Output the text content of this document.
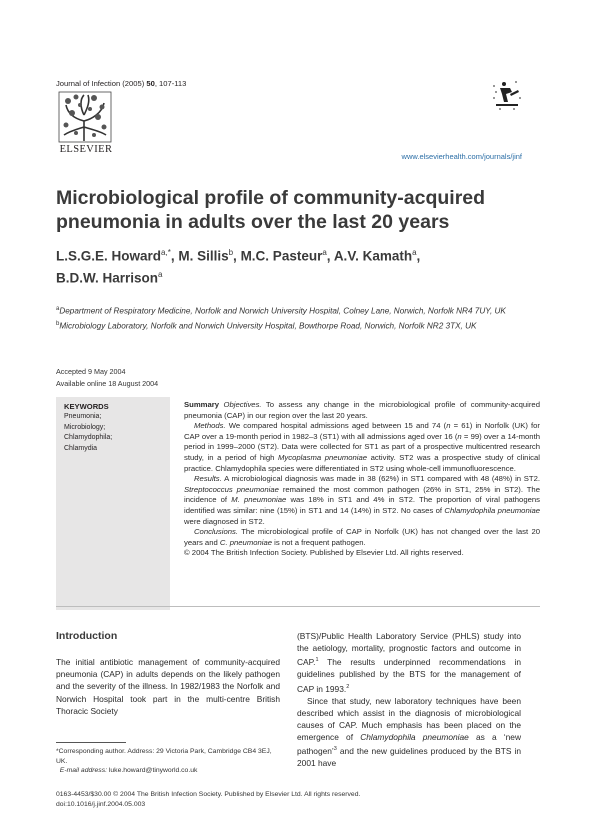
Journal of Infection (2005) 50, 107-113
ELSEVIER
www.elsevierhealth.com/journals/jinf
Microbiological profile of community-acquired
pneumonia in adults over the last 20 years
L.S.G.E. Howard$^{a,*}$, M. Sillis$^b$, M.C. Pasteur$^a$, A.V. Kamath$^a$,
B.D.W. Harrison$^a$
$^a$Department of Respiratory Medicine, Norfolk and Norwich University Hospital, Colney Lane, Norwich, Norfolk NR4 7UY, UK
$^b$Microbiology Laboratory, Norfolk and Norwich University Hospital, Bowthorpe Road, Norwich, Norfolk NR2 3TX, UK
Accepted 9 May 2004
Available online 18 August 2004
KEYWORDS
Pneumonia;
Microbiology;
Chlamydophila;
Chlamydia

Summary Objectives. To assess any change in the microbiological profile of community-acquired pneumonia (CAP) in our region over the last 20 years.

Methods. We compared hospital admissions aged between 15 and 74 (n = 61) in Norfolk (UK) for CAP over a 19-month period in 1982–3 (ST1) with all admissions aged over 16 (n = 99) over a 14-month period in 1999–2000 (ST2). Data were collected for ST1 as part of a prospective multicentred research study, in a period of high Mycoplasma pneumoniae activity. ST2 was a prospective study of clinical practice. Chlamydophila species were differentiated in ST2 using whole-cell immunofluorescence.

Results. A microbiological diagnosis was made in 38 (62%) in ST1 compared with 48 (48%) in ST2. Streptococcus pneumoniae remained the most common pathogen (26% in ST1, 25% in ST2). The incidence of M. pneumoniae was 18% in ST1 and 4% in ST2. The proportion of viral pathogens identified was similar: nine (15%) in ST1 and 14 (14%) in ST2. No cases of Chlamydophila pneumoniae were diagnosed in ST2.

Conclusions. The microbiological profile of CAP in Norfolk (UK) has not changed over the last 20 years and C. pneumoniae is not a frequent pathogen.

© 2004 The British Infection Society. Published by Elsevier Ltd. All rights reserved.

Introduction
The initial antibiotic management of community-acquired pneumonia (CAP) in adults depends on the likely pathogen and the severity of the illness. In 1982/1983 the Norfolk and Norwich Hospital took part in the multi-centre British Thoracic Society

(BTS)/Public Health Laboratory Service (PHLS) study into the aetiology, mortality, prognostic factors and outcome in CAP.$^1$ The results underpinned recommendations in guidelines published by the BTS for the management of CAP in 1993.$^2$

Since that study, new laboratory techniques have been described which assist in the diagnosis of microbiological causes of CAP. Much emphasis has been placed on the emergence of Chlamydophila pneumoniae as a ‘new pathogen’$^3$ and the new guidelines produced by the BTS in 2001 have

*Corresponding author. Address: 29 Victoria Park, Cambridge CB4 3EJ, UK.
E-mail address: luke.howard@tinyworld.co.uk
0163-4453/$30.00 © 2004 The British Infection Society. Published by Elsevier Ltd. All rights reserved.
doi:10.1016/j.jinf.2004.05.003
